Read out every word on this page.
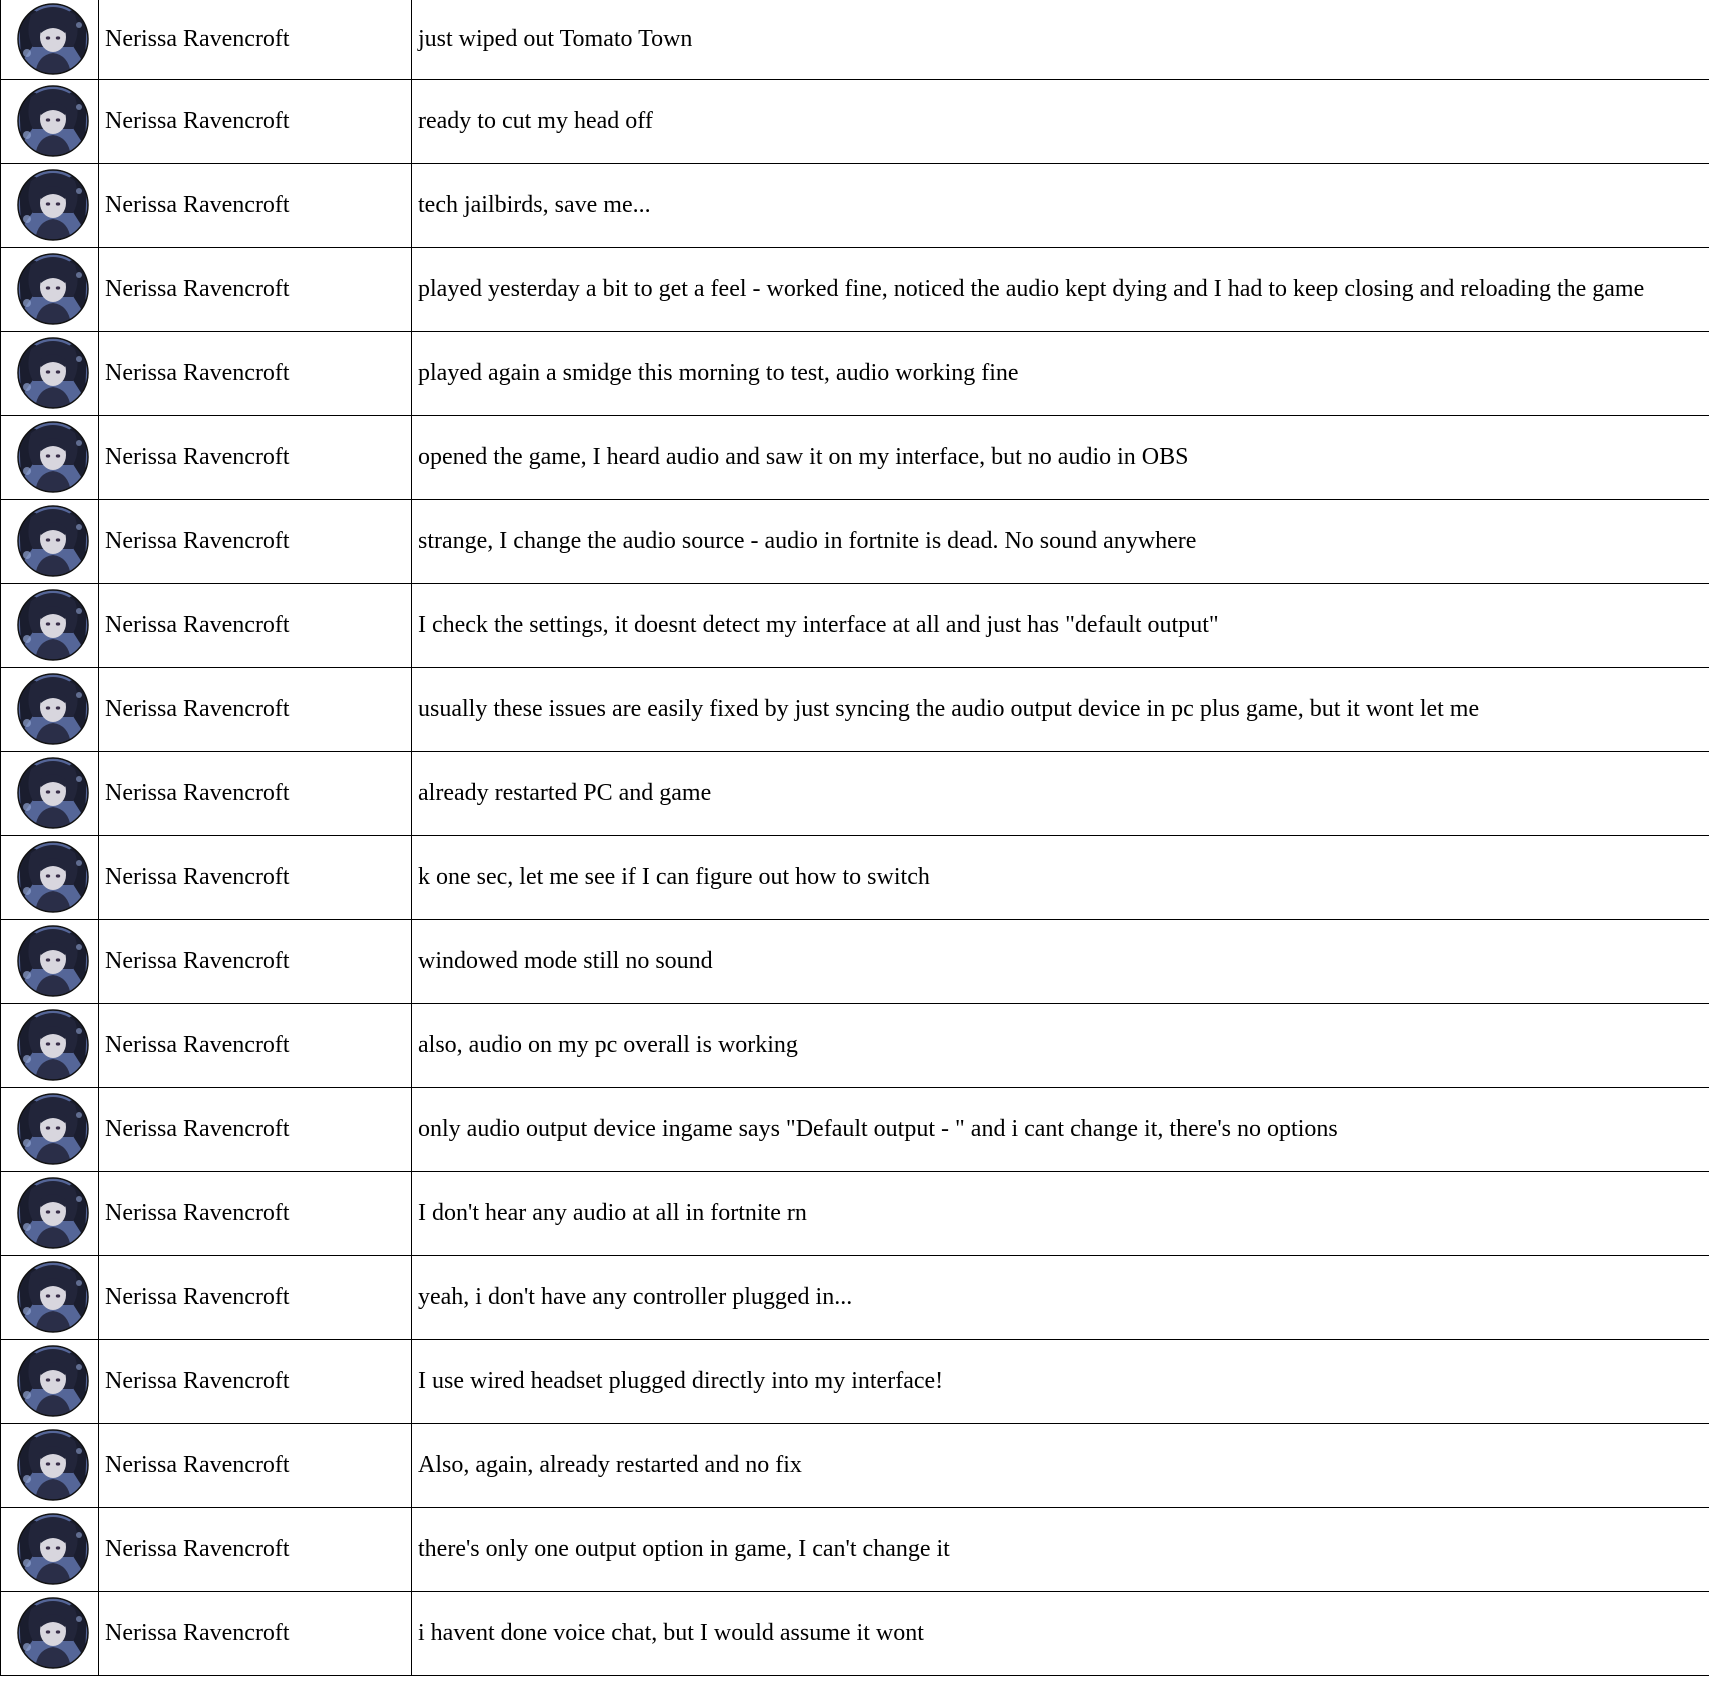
Nerissa Ravencroft	just wiped out Tomato Town

Nerissa Ravencroft	ready to cut my head off

Nerissa Ravencroft	tech jailbirds, save me...

Nerissa Ravencroft	played yesterday a bit to get a feel - worked fine, noticed the audio kept dying and I had to keep closing and reloading the game

Nerissa Ravencroft	played again a smidge this morning to test, audio working fine

Nerissa Ravencroft	opened the game, I heard audio and saw it on my interface, but no audio in OBS

Nerissa Ravencroft	strange, I change the audio source - audio in fortnite is dead. No sound anywhere

Nerissa Ravencroft	I check the settings, it doesnt detect my interface at all and just has "default output"

Nerissa Ravencroft	usually these issues are easily fixed by just syncing the audio output device in pc plus game, but it wont let me

Nerissa Ravencroft	already restarted PC and game

Nerissa Ravencroft	k one sec, let me see if I can figure out how to switch

Nerissa Ravencroft	windowed mode still no sound

Nerissa Ravencroft	also, audio on my pc overall is working

Nerissa Ravencroft	only audio output device ingame says "Default output - " and i cant change it, there's no options

Nerissa Ravencroft	I don't hear any audio at all in fortnite rn

Nerissa Ravencroft	yeah, i don't have any controller plugged in...

Nerissa Ravencroft	I use wired headset plugged directly into my interface!

Nerissa Ravencroft	Also, again, already restarted and no fix

Nerissa Ravencroft	there's only one output option in game, I can't change it

Nerissa Ravencroft	i havent done voice chat, but I would assume it wont
